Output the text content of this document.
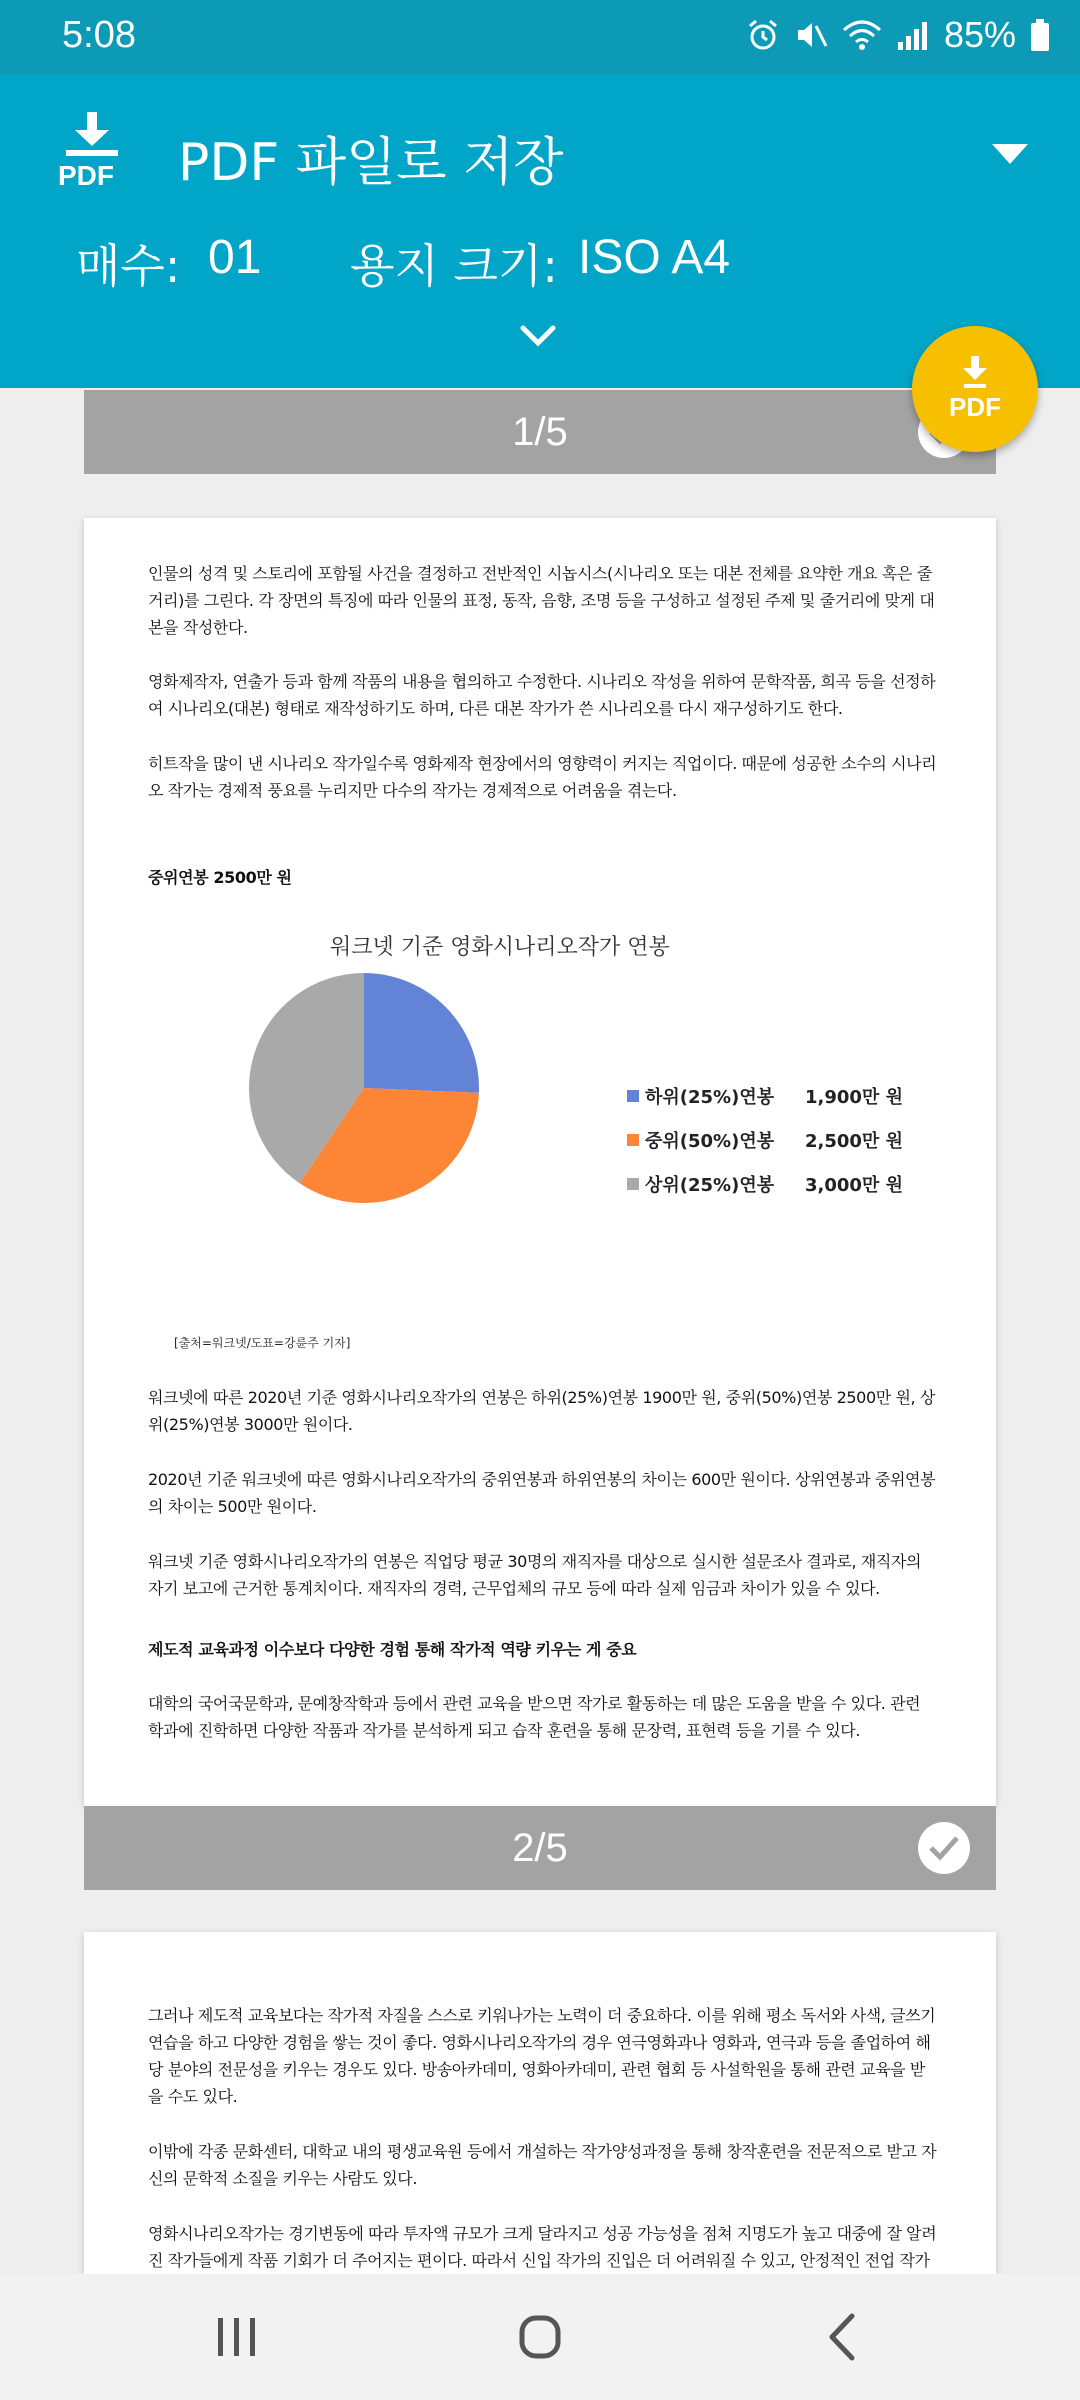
5:08	85%
PDF PDF 파일로 저장
매수: 01 용지 크기: ISO A4
1/5
PDF

인물의 성격 및 스토리에 포함될 사건을 결정하고 전반적인 시놉시스(시나리오 또는 대본 전체를 요약한 개요 혹은 줄거리)를 그린다. 각 장면의 특징에 따라 인물의 표정, 동작, 음향, 조명 등을 구성하고 설정된 주제 및 줄거리에 맞게 대본을 작성한다.

영화제작자, 연출가 등과 함께 작품의 내용을 협의하고 수정한다. 시나리오 작성을 위하여 문학작품, 희곡 등을 선정하여 시나리오(대본) 형태로 재작성하기도 하며, 다른 대본 작가가 쓴 시나리오를 다시 재구성하기도 한다.

히트작을 많이 낸 시나리오 작가일수록 영화제작 현장에서의 영향력이 커지는 직업이다. 때문에 성공한 소수의 시나리오 작가는 경제적 풍요를 누리지만 다수의 작가는 경제적으로 어려움을 겪는다.

중위연봉 2500만 원

워크넷 기준 영화시나리오작가 연봉
하위(25%)연봉	1,900만 원
중위(50%)연봉	2,500만 원
상위(25%)연봉	3,000만 원
[출처=워크넷/도표=강륜주 기자]

워크넷에 따른 2020년 기준 영화시나리오작가의 연봉은 하위(25%)연봉 1900만 원, 중위(50%)연봉 2500만 원, 상위(25%)연봉 3000만 원이다.

2020년 기준 워크넷에 따른 영화시나리오작가의 중위연봉과 하위연봉의 차이는 600만 원이다. 상위연봉과 중위연봉의 차이는 500만 원이다.

워크넷 기준 영화시나리오작가의 연봉은 직업당 평균 30명의 재직자를 대상으로 실시한 설문조사 결과로, 재직자의 자기 보고에 근거한 통계치이다. 재직자의 경력, 근무업체의 규모 등에 따라 실제 임금과 차이가 있을 수 있다.

제도적 교육과정 이수보다 다양한 경험 통해 작가적 역량 키우는 게 중요

대학의 국어국문학과, 문예창작학과 등에서 관련 교육을 받으면 작가로 활동하는 데 많은 도움을 받을 수 있다. 관련 학과에 진학하면 다양한 작품과 작가를 분석하게 되고 습작 훈련을 통해 문장력, 표현력 등을 기를 수 있다.

2/5

그러나 제도적 교육보다는 작가적 자질을 스스로 키워나가는 노력이 더 중요하다. 이를 위해 평소 독서와 사색, 글쓰기 연습을 하고 다양한 경험을 쌓는 것이 좋다. 영화시나리오작가의 경우 연극영화과나 영화과, 연극과 등을 졸업하여 해당 분야의 전문성을 키우는 경우도 있다. 방송아카데미, 영화아카데미, 관련 협회 등 사설학원을 통해 관련 교육을 받을 수도 있다.

이밖에 각종 문화센터, 대학교 내의 평생교육원 등에서 개설하는 작가양성과정을 통해 창작훈련을 전문적으로 받고 자신의 문학적 소질을 키우는 사람도 있다.

영화시나리오작가는 경기변동에 따라 투자액 규모가 크게 달라지고 성공 가능성을 점쳐 지명도가 높고 대중에 잘 알려진 작가들에게 작품 기회가 더 주어지는 편이다. 따라서 신입 작가의 진입은 더 어려워질 수 있고, 안정적인 전업 작가
